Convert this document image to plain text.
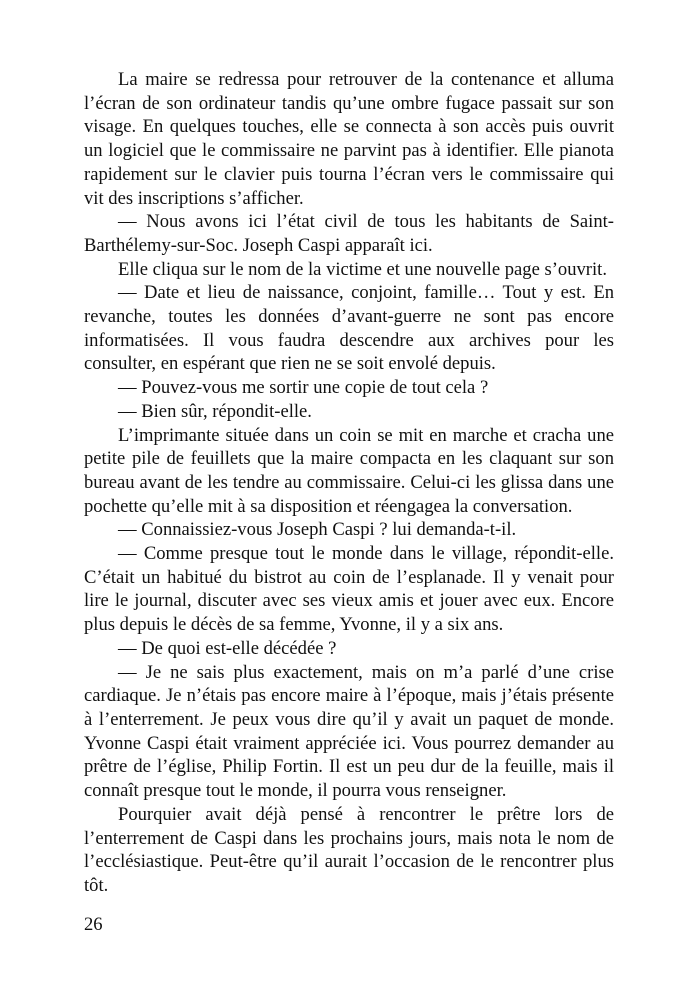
La maire se redressa pour retrouver de la contenance et alluma l’écran de son ordinateur tandis qu’une ombre fugace passait sur son visage. En quelques touches, elle se connecta à son accès puis ouvrit un logiciel que le commissaire ne parvint pas à identifier. Elle pianota rapidement sur le clavier puis tourna l’écran vers le commissaire qui vit des inscriptions s’afficher.

— Nous avons ici l’état civil de tous les habitants de Saint-Barthélemy-sur-Soc. Joseph Caspi apparaît ici.

Elle cliqua sur le nom de la victime et une nouvelle page s’ouvrit.

— Date et lieu de naissance, conjoint, famille… Tout y est. En revanche, toutes les données d’avant-guerre ne sont pas encore informatisées. Il vous faudra descendre aux archives pour les consulter, en espérant que rien ne se soit envolé depuis.

— Pouvez-vous me sortir une copie de tout cela ?

— Bien sûr, répondit-elle.

L’imprimante située dans un coin se mit en marche et cracha une petite pile de feuillets que la maire compacta en les claquant sur son bureau avant de les tendre au commissaire. Celui-ci les glissa dans une pochette qu’elle mit à sa disposition et réengagea la conversation.

— Connaissiez-vous Joseph Caspi ? lui demanda-t-il.

— Comme presque tout le monde dans le village, répondit-elle. C’était un habitué du bistrot au coin de l’esplanade. Il y venait pour lire le journal, discuter avec ses vieux amis et jouer avec eux. Encore plus depuis le décès de sa femme, Yvonne, il y a six ans.

— De quoi est-elle décédée ?

— Je ne sais plus exactement, mais on m’a parlé d’une crise cardiaque. Je n’étais pas encore maire à l’époque, mais j’étais présente à l’enterrement. Je peux vous dire qu’il y avait un paquet de monde. Yvonne Caspi était vraiment appréciée ici. Vous pourrez demander au prêtre de l’église, Philip Fortin. Il est un peu dur de la feuille, mais il connaît presque tout le monde, il pourra vous renseigner.

Pourquier avait déjà pensé à rencontrer le prêtre lors de l’enterrement de Caspi dans les prochains jours, mais nota le nom de l’ecclésiastique. Peut-être qu’il aurait l’occasion de le rencontrer plus tôt.

26
